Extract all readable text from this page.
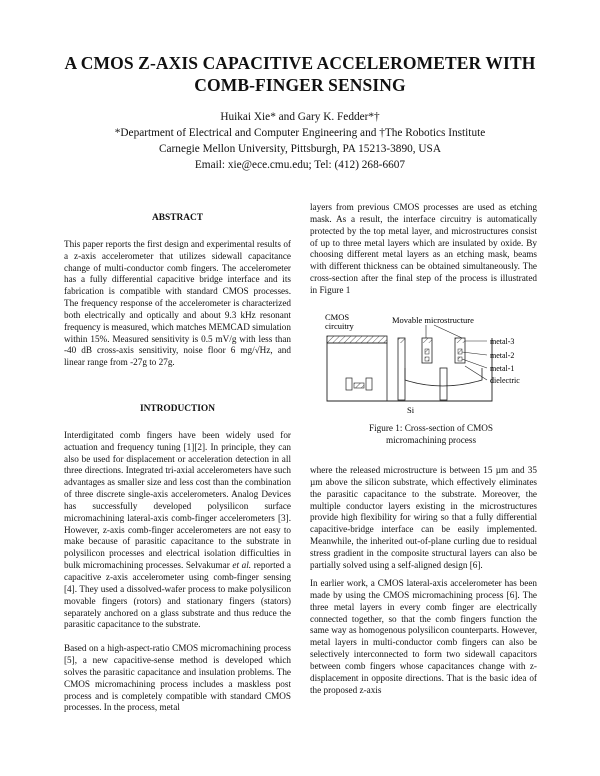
A CMOS Z-AXIS CAPACITIVE ACCELEROMETER WITH
COMB-FINGER SENSING
Huikai Xie* and Gary K. Fedder*†
*Department of Electrical and Computer Engineering and †The Robotics Institute
Carnegie Mellon University, Pittsburgh, PA 15213-3890, USA
Email: xie@ece.cmu.edu; Tel: (412) 268-6607
ABSTRACT

This paper reports the first design and experimental results of a z-axis accelerometer that utilizes sidewall capacitance change of multi-conductor comb fingers. The accelerometer has a fully differential capacitive bridge interface and its fabrication is compatible with standard CMOS processes. The frequency response of the accelerometer is characterized both electrically and optically and about 9.3 kHz resonant frequency is measured, which matches MEMCAD simulation within 15%. Measured sensitivity is 0.5 mV/g with less than -40 dB cross-axis sensitivity, noise floor 6 mg/√Hz, and linear range from -27g to 27g.

INTRODUCTION

Interdigitated comb fingers have been widely used for actuation and frequency tuning [1][2]. In principle, they can also be used for displacement or acceleration detection in all three directions. Integrated tri-axial accelerometers have such advantages as smaller size and less cost than the combination of three discrete single-axis accelerometers. Analog Devices has successfully developed polysilicon surface micromachining lateral-axis comb-finger accelerometers [3]. However, z-axis comb-finger accelerometers are not easy to make because of parasitic capacitance to the substrate in polysilicon processes and electrical isolation difficulties in bulk micromachining processes. Selvakumar et al. reported a capacitive z-axis accelerometer using comb-finger sensing [4]. They used a dissolved-wafer process to make polysilicon movable fingers (rotors) and stationary fingers (stators) separately anchored on a glass substrate and thus reduce the parasitic capacitance to the substrate.

Based on a high-aspect-ratio CMOS micromachining process [5], a new capacitive-sense method is developed which solves the parasitic capacitance and insulation problems. The CMOS micromachining process includes a maskless post process and is completely compatible with standard CMOS processes. In the process, metal

layers from previous CMOS processes are used as etching mask. As a result, the interface circuitry is automatically protected by the top metal layer, and microstructures consist of up to three metal layers which are insulated by oxide. By choosing different metal layers as an etching mask, beams with different thickness can be obtained simultaneously. The cross-section after the final step of the process is illustrated in Figure 1

CMOS
circuitry
Movable microstructure
metal-3
metal-2
metal-1
dielectric
Si
Figure 1: Cross-section of CMOS
micromachining process

where the released microstructure is between 15 µm and 35 µm above the silicon substrate, which effectively eliminates the parasitic capacitance to the substrate. Moreover, the multiple conductor layers existing in the microstructures provide high flexibility for wiring so that a fully differential capacitive-bridge interface can be easily implemented. Meanwhile, the inherited out-of-plane curling due to residual stress gradient in the composite structural layers can also be partially solved using a self-aligned design [6].

In earlier work, a CMOS lateral-axis accelerometer has been made by using the CMOS micromachining process [6]. The three metal layers in every comb finger are electrically connected together, so that the comb fingers function the same way as homogenous polysilicon counterparts. However, metal layers in multi-conductor comb fingers can also be selectively interconnected to form two sidewall capacitors between comb fingers whose capacitances change with z-displacement in opposite directions. That is the basic idea of the proposed z-axis
